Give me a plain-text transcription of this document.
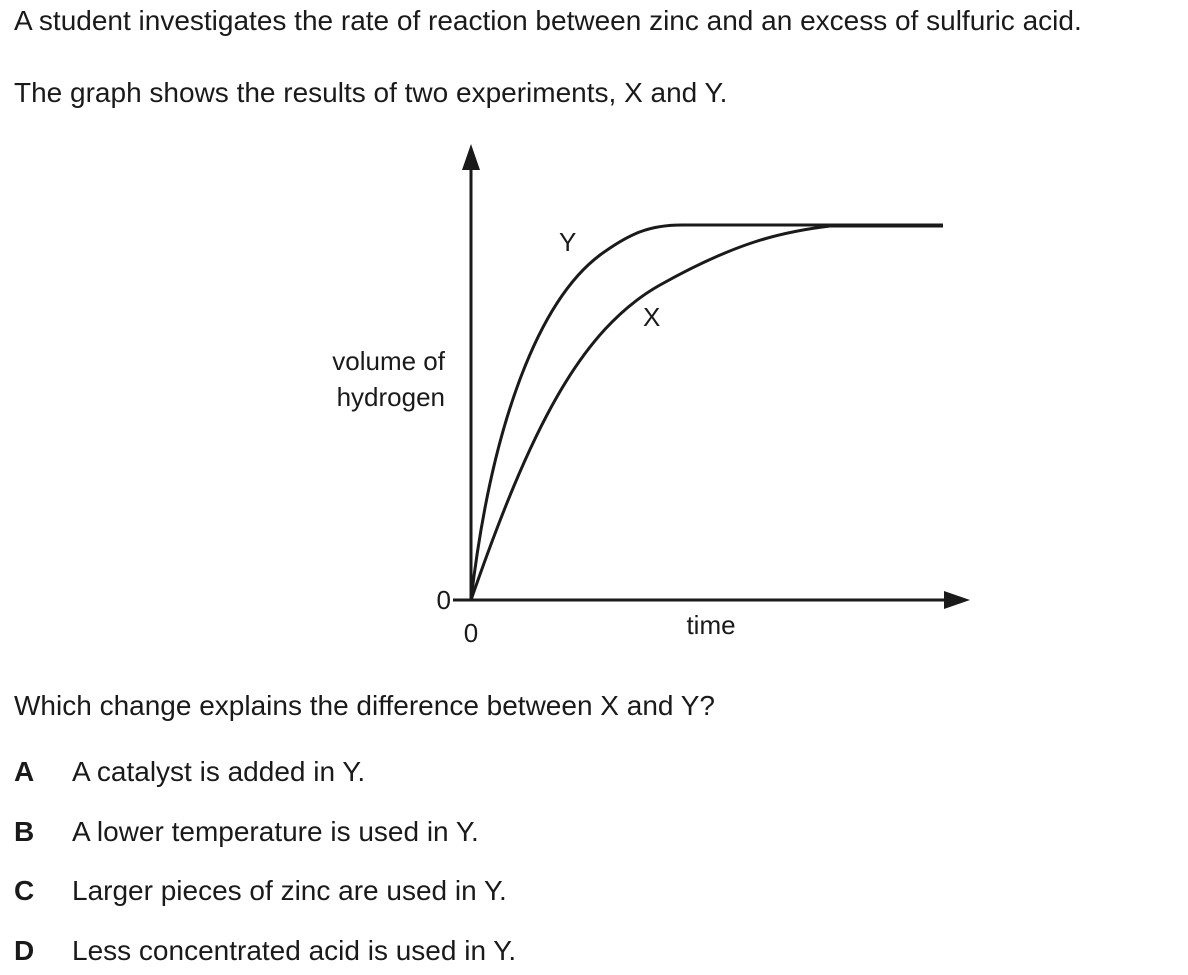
A student investigates the rate of reaction between zinc and an excess of sulfuric acid.
The graph shows the results of two experiments, X and Y.
Y
X
volume of
hydrogen
0
0	time
Which change explains the difference between X and Y?
A A catalyst is added in Y.
B A lower temperature is used in Y.
C Larger pieces of zinc are used in Y.
D Less concentrated acid is used in Y.
